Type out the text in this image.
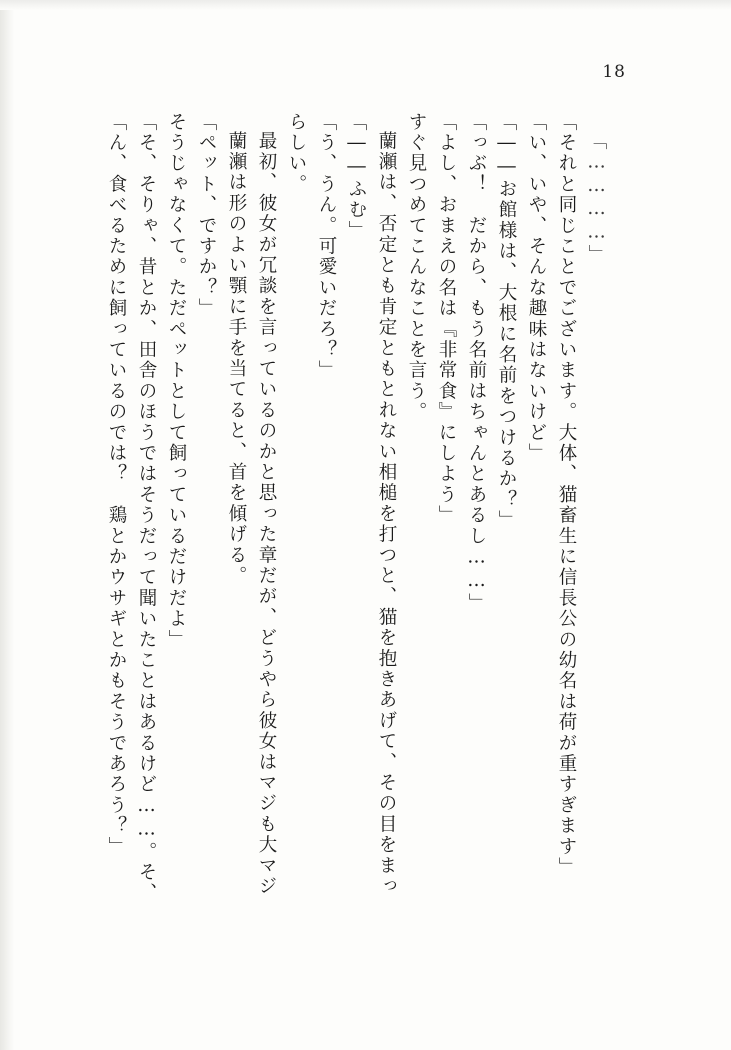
18
「ん、食べるために飼っているのでは？　鶏とかウサギとかもそうであろう？」 「そ、そりゃ、昔とか、田舎のほうではそうだって聞いたことはあるけど……。そ、 そうじゃなくて。ただペットとして飼っているだけだよ」 「ペット、ですか？」 蘭瀬は形のよい顎に手を当てると、首を傾げる。 最初、彼女が冗談を言っているのかと思った章だが、どうやら彼女はマジも大マジ らしい。 「う、うん。可愛いだろ？」 「――ふむ」 蘭瀬は、否定とも肯定ともとれない相槌を打つと、猫を抱きあげて、その目をまっ すぐ見つめてこんなことを言う。 「よし、おまえの名は『非常食』にしよう」 「っぶ！　だから、もう名前はちゃんとあるし……」 「――お館様は、大根に名前をつけるか？」 「い、いや、そんな趣味はないけど」 「それと同じことでございます。大体、猫畜生に信長公の幼名は荷が重すぎます」 「…………」
